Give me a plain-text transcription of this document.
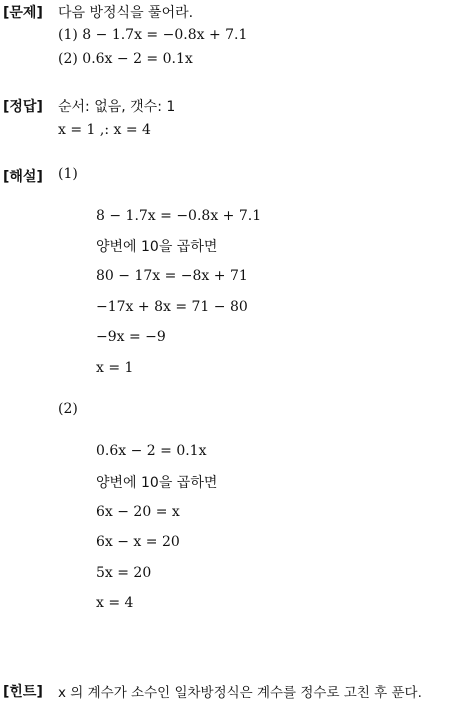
[문제] 다음 방정식을 풀어라.
(1) 8 − 1.7x = −0.8x + 7.1
(2) 0.6x − 2 = 0.1x
[정답] 순서: 없음, 갯수: 1
x = 1 ,: x = 4
[해설] (1)
8 − 1.7x = −0.8x + 7.1
양변에 10을 곱하면
80 − 17x = −8x + 71
−17x + 8x = 71 − 80
−9x = −9
x = 1
(2)
0.6x − 2 = 0.1x
양변에 10을 곱하면
6x − 20 = x
6x − x = 20
5x = 20
x = 4
[힌트] x 의 계수가 소수인 일차방정식은 계수를 정수로 고친 후 푼다.
